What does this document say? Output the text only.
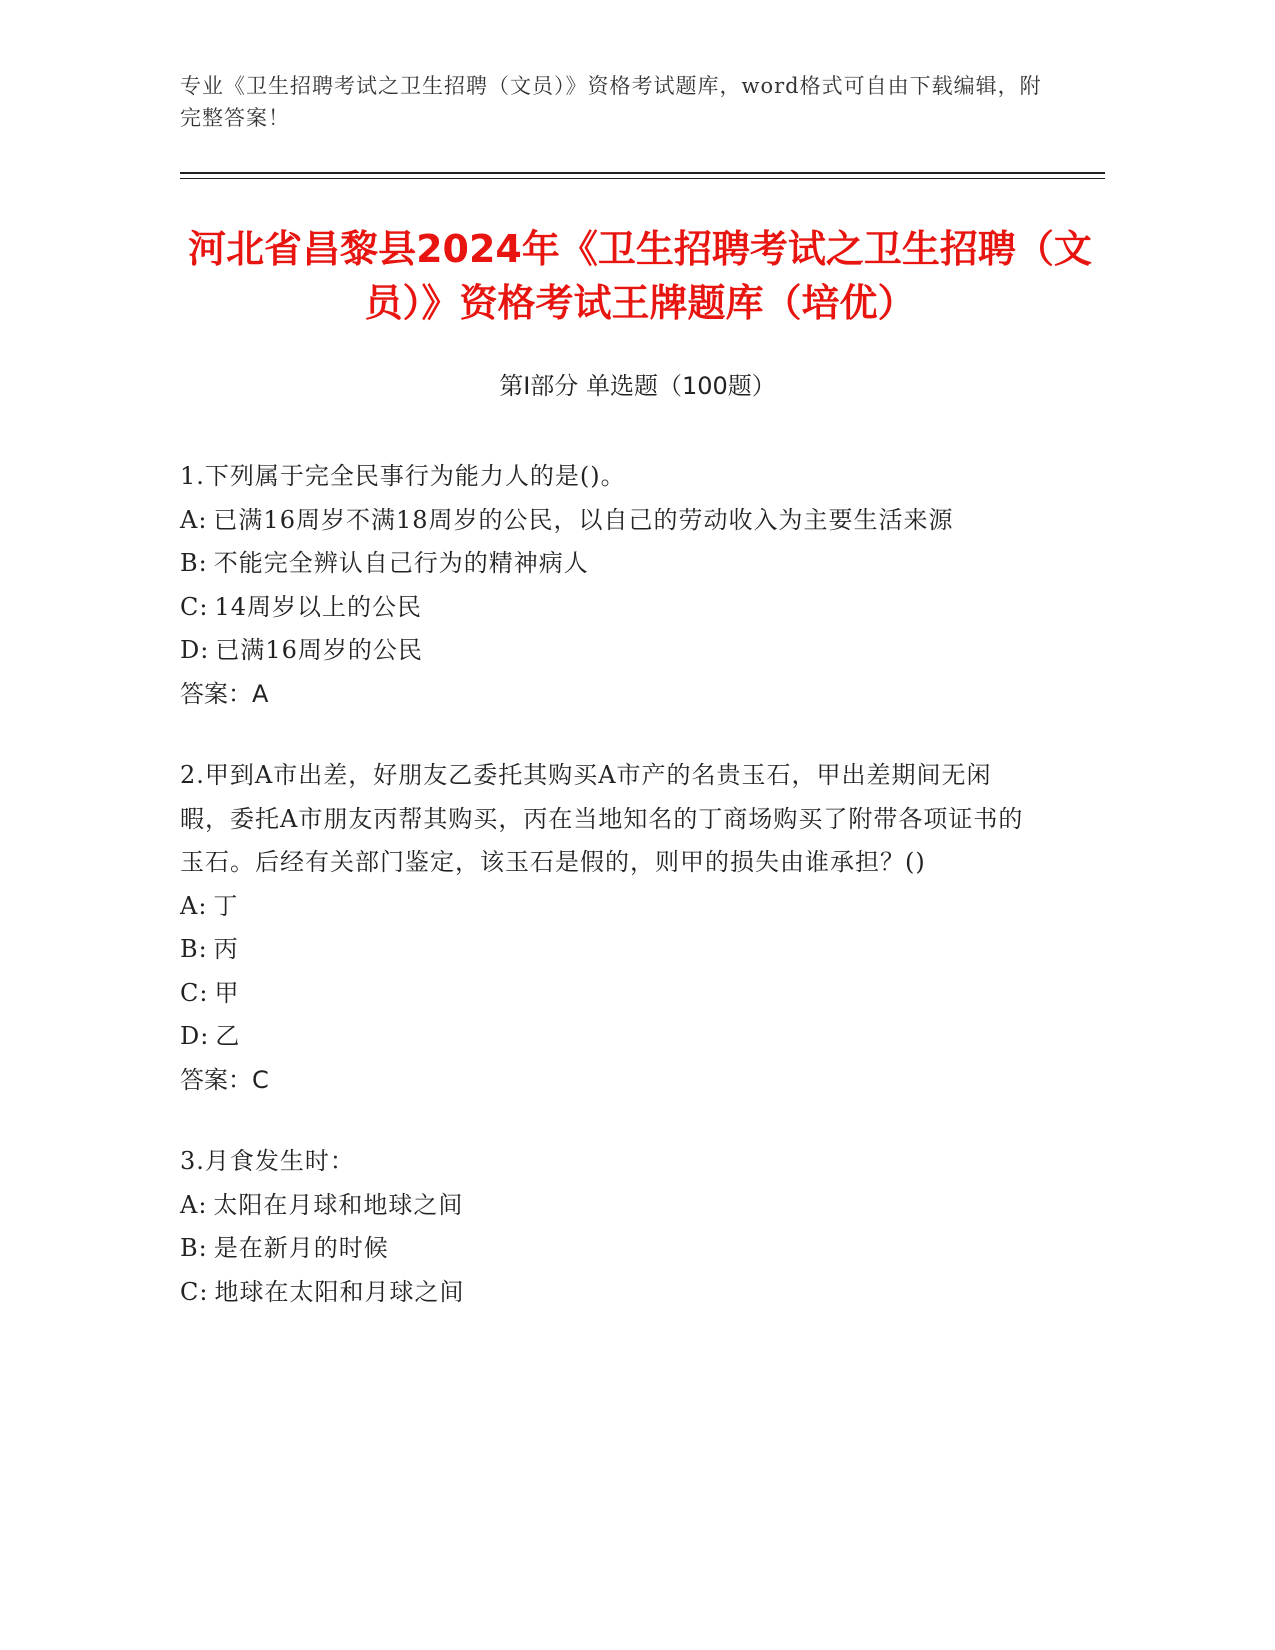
专业《卫生招聘考试之卫生招聘（文员）》资格考试题库，word格式可自由下载编辑，附完整答案！
河北省昌黎县2024年《卫生招聘考试之卫生招聘（文员）》资格考试王牌题库（培优）
第I部分 单选题（100题）

1.下列属于完全民事行为能力人的是()。

A: 已满16周岁不满18周岁的公民，以自己的劳动收入为主要生活来源

B: 不能完全辨认自己行为的精神病人

C: 14周岁以上的公民

D: 已满16周岁的公民

答案：A

2.甲到A市出差，好朋友乙委托其购买A市产的名贵玉石，甲出差期间无闲暇，委托A市朋友丙帮其购买，丙在当地知名的丁商场购买了附带各项证书的玉石。后经有关部门鉴定，该玉石是假的，则甲的损失由谁承担？()

A: 丁

B: 丙

C: 甲

D: 乙

答案：C

3.月食发生时：

A: 太阳在月球和地球之间

B: 是在新月的时候

C: 地球在太阳和月球之间
